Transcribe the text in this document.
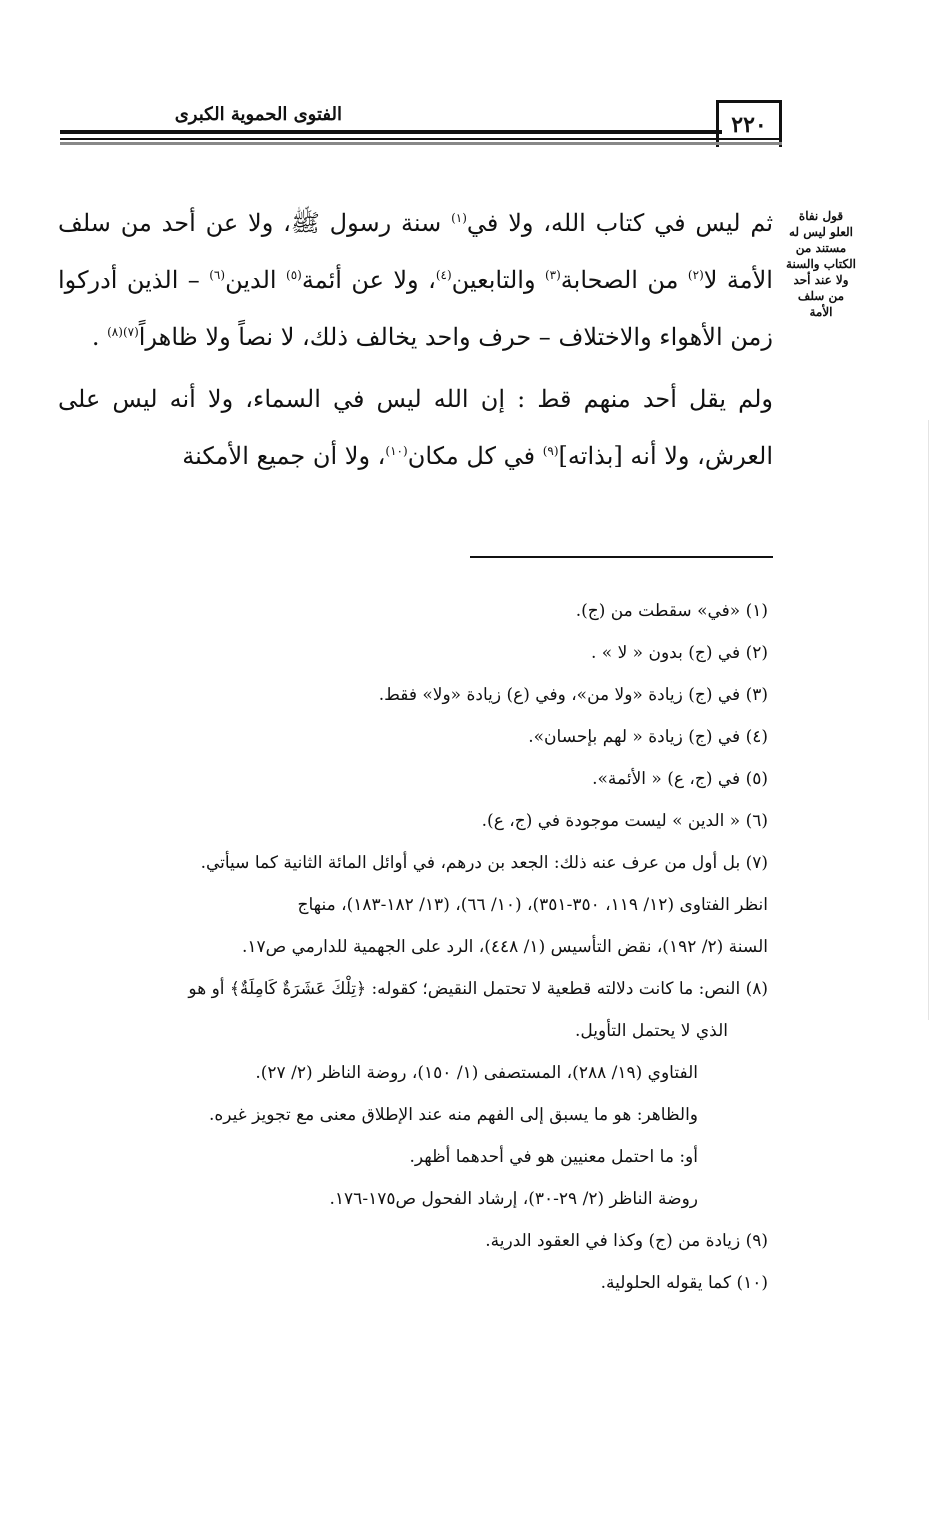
٢٢٠
الفتوى الحموية الكبرى
قول نفاة العلو ليس له مستند من الكتاب والسنة ولا عند أحد من سلف الأمة

ثم ليس في كتاب الله، ولا في$^{(١)}$ سنة رسول ﷺ، ولا عن أحد من سلف الأمة لا$^{(٢)}$ من الصحابة$^{(٣)}$ والتابعين$^{(٤)}$، ولا عن أئمة$^{(٥)}$ الدين$^{(٦)}$ – الذين أدركوا زمن الأهواء والاختلاف – حرف واحد يخالف ذلك، لا نصاً ولا ظاهراً$^{(٧)(٨)}$ .

ولم يقل أحد منهم قط : إن الله ليس في السماء، ولا أنه ليس على العرش، ولا أنه [بذاته]$^{(٩)}$ في كل مكان$^{(١٠)}$، ولا أن جميع الأمكنة

(١) «في» سقطت من (ج).

(٢) في (ج) بدون « لا » .

(٣) في (ج) زيادة «ولا من»، وفي (ع) زيادة «ولا» فقط.

(٤) في (ج) زيادة « لهم بإحسان».

(٥) في (ج، ع) « الأئمة».

(٦) « الدين » ليست موجودة في (ج، ع).

(٧) بل أول من عرف عنه ذلك: الجعد بن درهم، في أوائل المائة الثانية كما سيأتي.

انظر الفتاوى (١٢/ ١١٩، ٣٥٠-٣٥١)، (١٠/ ٦٦)، (١٣/ ١٨٢-١٨٣)، منهاج

السنة (٢/ ١٩٢)، نقض التأسيس (١/ ٤٤٨)، الرد على الجهمية للدارمي ص١٧.

(٨) النص: ما كانت دلالته قطعية لا تحتمل النقيض؛ كقوله: ﴿تِلْكَ عَشَرَةٌ كَامِلَةٌ﴾ أو هو

الذي لا يحتمل التأويل.

الفتاوي (١٩/ ٢٨٨)، المستصفى (١/ ١٥٠)، روضة الناظر (٢/ ٢٧).

والظاهر: هو ما يسبق إلى الفهم منه عند الإطلاق معنى مع تجويز غيره.

أو: ما احتمل معنيين هو في أحدهما أظهر.

روضة الناظر (٢/ ٢٩-٣٠)، إرشاد الفحول ص١٧٥-١٧٦.

(٩) زيادة من (ج) وكذا في العقود الدرية.

(١٠) كما يقوله الحلولية.
